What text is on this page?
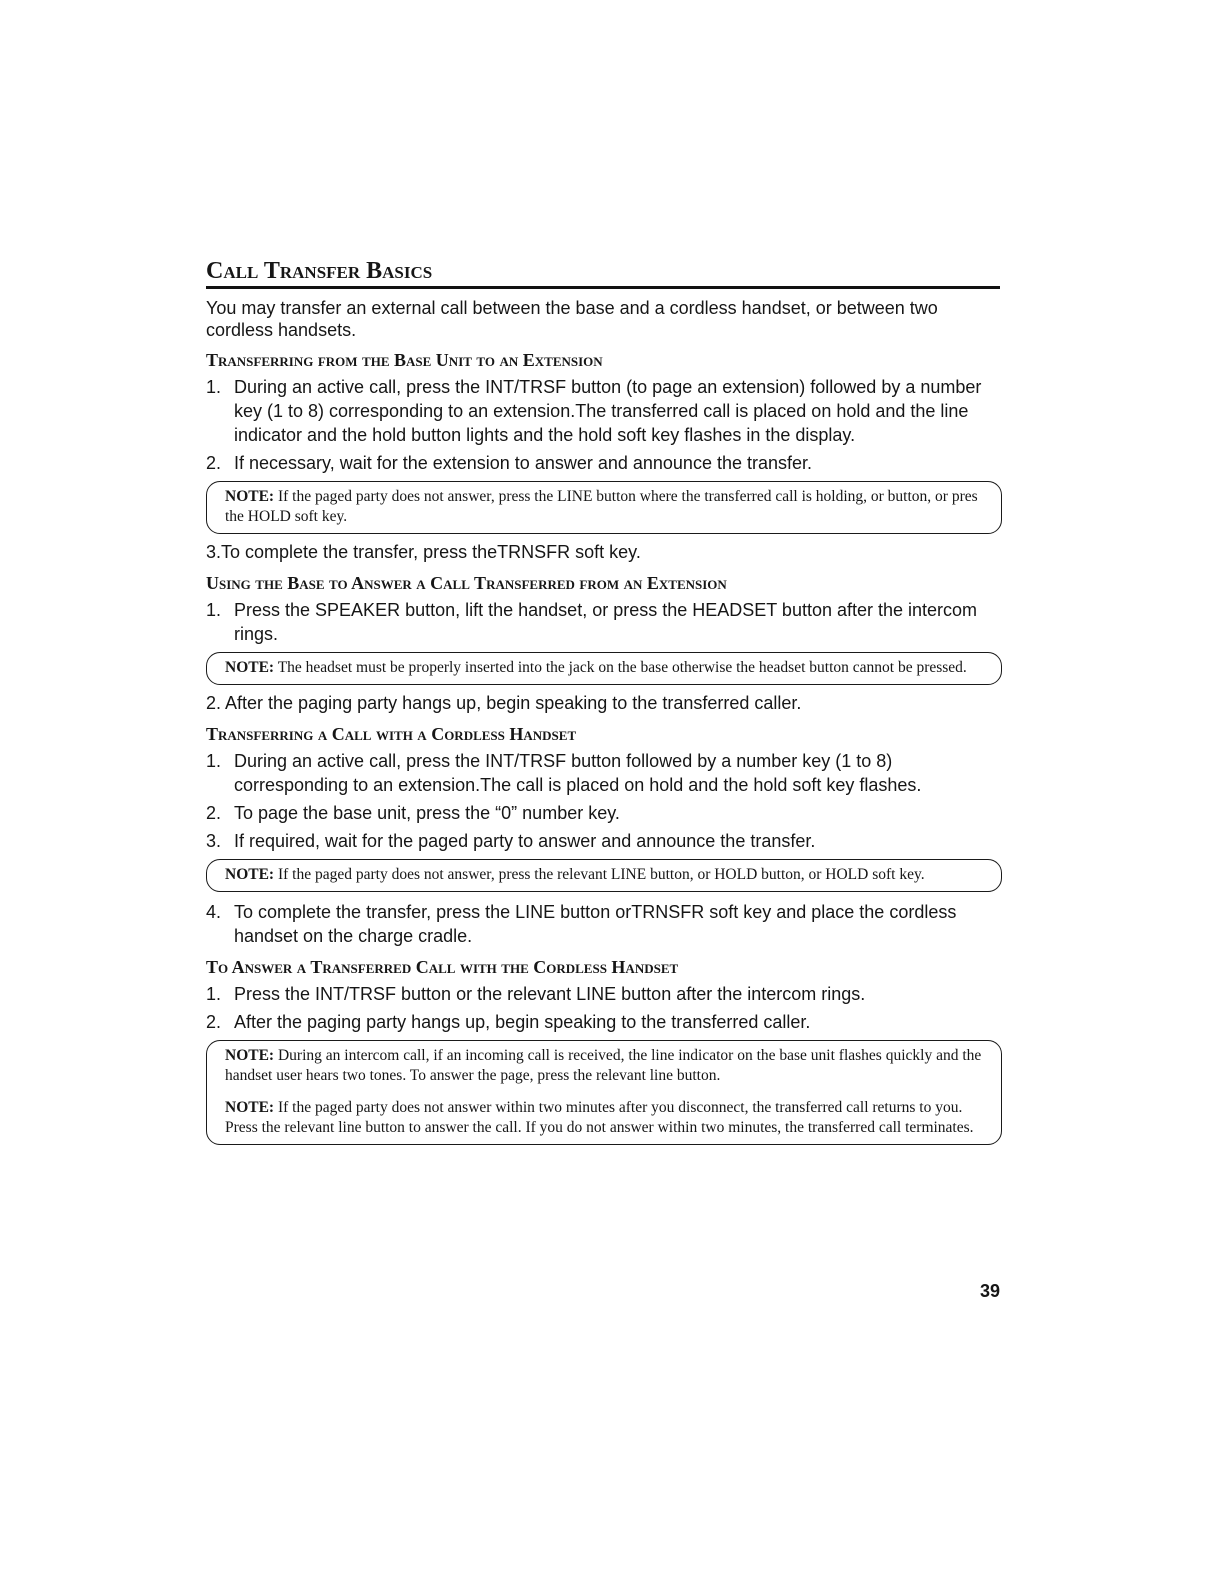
Call Transfer Basics
You may transfer an external call between the base and a cordless handset, or between two cordless handsets.
Transferring from the Base Unit to an Extension
1. During an active call, press the INT/TRSF button (to page an extension) followed by a number key (1 to 8) corresponding to an extension.The transferred call is placed on hold and the line indicator and the hold button lights and the hold soft key flashes in the display.
2. If necessary, wait for the extension to answer and announce the transfer.

NOTE: If the paged party does not answer, press the LINE button where the transferred call is holding, or button, or pres the HOLD soft key.

3.To complete the transfer, press theTRNSFR soft key.
Using the Base to Answer a Call Transferred from an Extension
1. Press the SPEAKER button, lift the handset, or press the HEADSET button after the intercom rings.

NOTE: The headset must be properly inserted into the jack on the base otherwise the headset button cannot be pressed.

2. After the paging party hangs up, begin speaking to the transferred caller.
Transferring a Call with a Cordless Handset
1. During an active call, press the INT/TRSF button followed by a number key (1 to 8) corresponding to an extension.The call is placed on hold and the hold soft key flashes.
2. To page the base unit, press the “0” number key.
3. If required, wait for the paged party to answer and announce the transfer.

NOTE: If the paged party does not answer, press the relevant LINE button, or HOLD button, or HOLD soft key.

4. To complete the transfer, press the LINE button orTRNSFR soft key and place the cordless handset on the charge cradle.
To Answer a Transferred Call with the Cordless Handset
1. Press the INT/TRSF button or the relevant LINE button after the intercom rings.
2. After the paging party hangs up, begin speaking to the transferred caller.

NOTE: During an intercom call, if an incoming call is received, the line indicator on the base unit flashes quickly and the handset user hears two tones. To answer the page, press the relevant line button.

NOTE: If the paged party does not answer within two minutes after you disconnect, the transferred call returns to you. Press the relevant line button to answer the call. If you do not answer within two minutes, the transferred call terminates.

39
